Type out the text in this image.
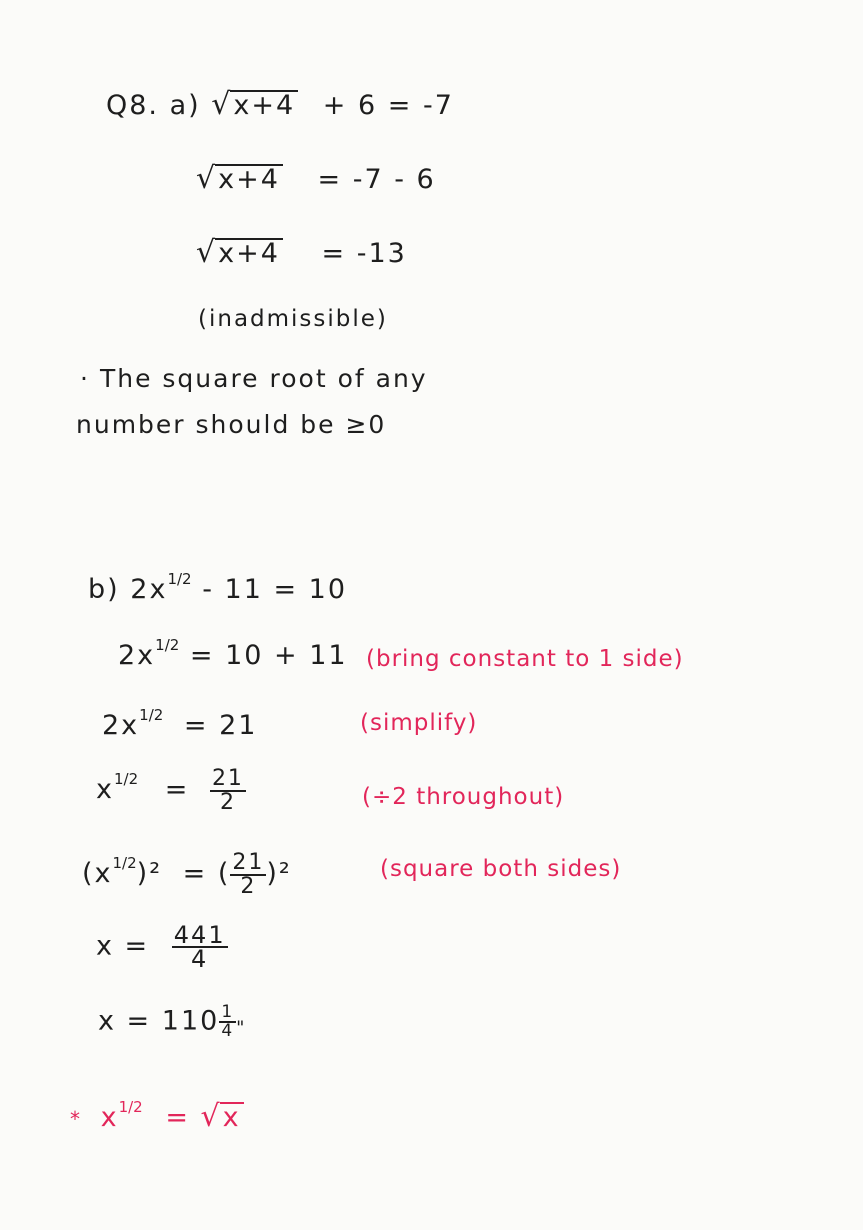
Q8. a) √x+4 + 6 = -7
√x+4 = -7 - 6
√x+4 = -13
(inadmissible)
· The square root of any
number should be ≥0
b) $2x^{1/2} - 11 = 10$
$2x^{1/2} = 10 + 11$ (bring constant to 1 side)
$2x^{1/2} = 21$	(simplify)
$x^{1/2} = \frac{21}{2}$	(÷2 throughout)
$(x^{1/2})^2$ = ( $\frac{21}{2} )^2$	(square both sides)
$x = \frac{441}{4}$
$x = 110 \frac{1}{4}$ "
* $x^{1/2} = √x$
